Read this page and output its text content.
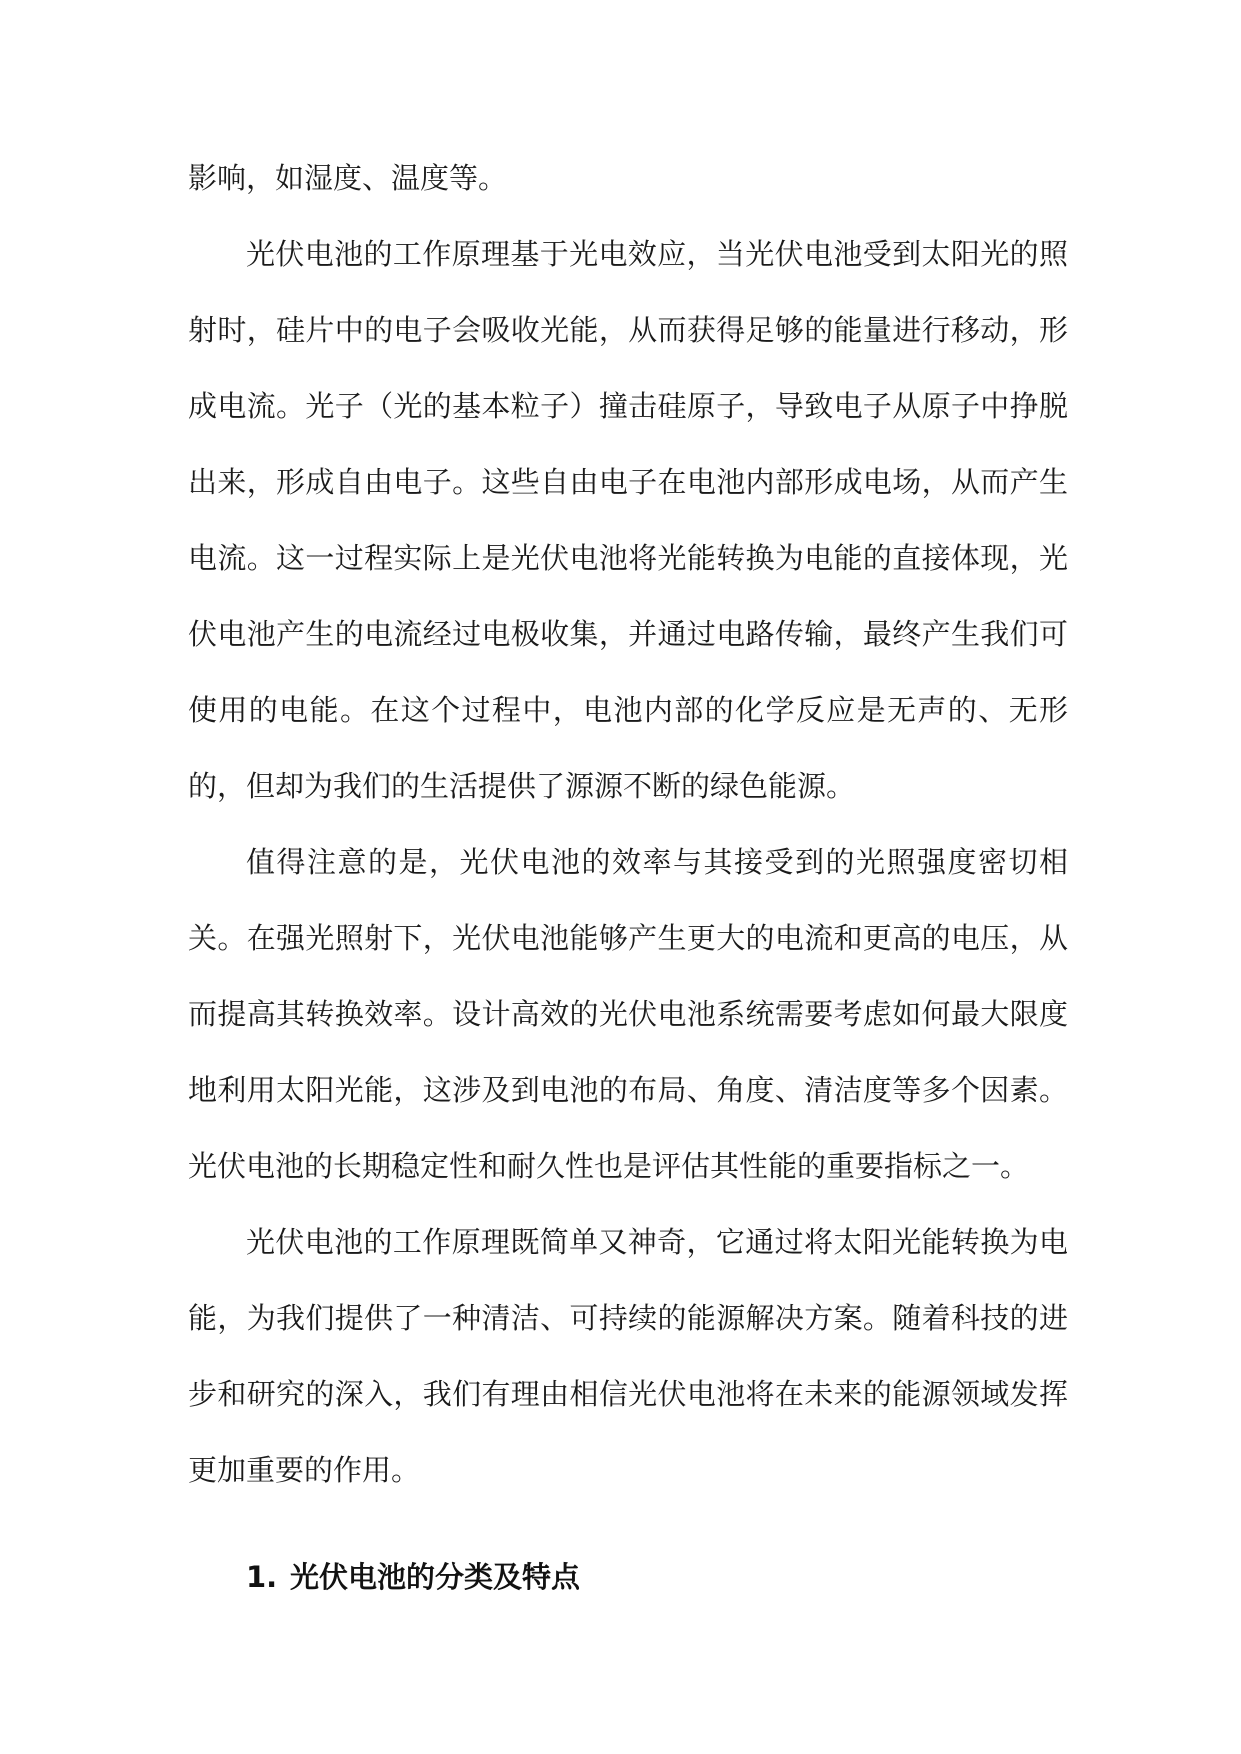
影响，如湿度、温度等。

光伏电池的工作原理基于光电效应，当光伏电池受到太阳光的照射时，硅片中的电子会吸收光能，从而获得足够的能量进行移动，形成电流。光子（光的基本粒子）撞击硅原子，导致电子从原子中挣脱出来，形成自由电子。这些自由电子在电池内部形成电场，从而产生电流。这一过程实际上是光伏电池将光能转换为电能的直接体现，光伏电池产生的电流经过电极收集，并通过电路传输，最终产生我们可使用的电能。在这个过程中，电池内部的化学反应是无声的、无形的，但却为我们的生活提供了源源不断的绿色能源。

值得注意的是，光伏电池的效率与其接受到的光照强度密切相关。在强光照射下，光伏电池能够产生更大的电流和更高的电压，从而提高其转换效率。设计高效的光伏电池系统需要考虑如何最大限度地利用太阳光能，这涉及到电池的布局、角度、清洁度等多个因素。光伏电池的长期稳定性和耐久性也是评估其性能的重要指标之一。

光伏电池的工作原理既简单又神奇，它通过将太阳光能转换为电能，为我们提供了一种清洁、可持续的能源解决方案。随着科技的进步和研究的深入，我们有理由相信光伏电池将在未来的能源领域发挥更加重要的作用。

1. 光伏电池的分类及特点
